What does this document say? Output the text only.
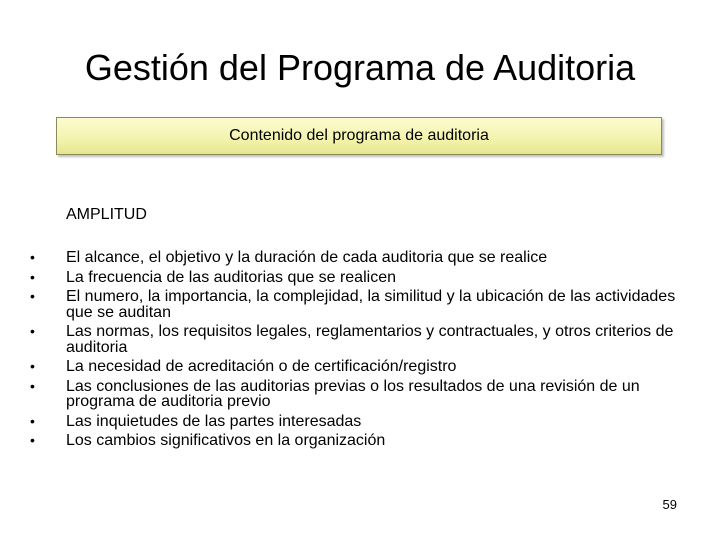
Gestión del Programa de Auditoria
Contenido del programa de auditoria
AMPLITUD
•	El alcance, el objetivo y la duración de cada auditoria que se realice
•	La frecuencia de las auditorias que se realicen
•	El numero, la importancia, la complejidad, la similitud y la ubicación de las actividades que se auditan
•	Las normas, los requisitos legales, reglamentarios y contractuales, y otros criterios de auditoria
•	La necesidad de acreditación o de certificación/registro
•	Las conclusiones de las auditorias previas o los resultados de una revisión de un programa de auditoria previo
•	Las inquietudes de las partes interesadas
•	Los cambios significativos en la organización
59
